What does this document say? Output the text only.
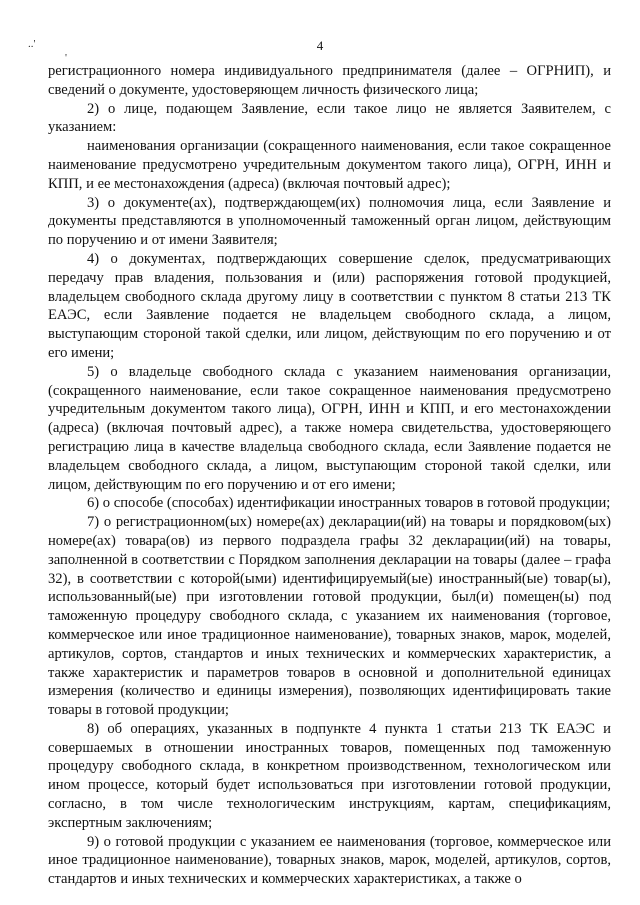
4
..'
'

регистрационного номера индивидуального предпринимателя (далее – ОГРНИП), и сведений о документе, удостоверяющем личность физического лица;

2) о лице, подающем Заявление, если такое лицо не является Заявителем, с указанием:

наименования организации (сокращенного наименования, если такое сокращенное наименование предусмотрено учредительным документом такого лица), ОГРН, ИНН и КПП, и ее местонахождения (адреса) (включая почтовый адрес);

3) о документе(ах), подтверждающем(их) полномочия лица, если Заявление и документы представляются в уполномоченный таможенный орган лицом, действующим по поручению и от имени Заявителя;

4) о документах, подтверждающих совершение сделок, предусматривающих передачу прав владения, пользования и (или) распоряжения готовой продукцией, владельцем свободного склада другому лицу в соответствии с пунктом 8 статьи 213 ТК ЕАЭС, если Заявление подается не владельцем свободного склада, а лицом, выступающим стороной такой сделки, или лицом, действующим по его поручению и от его имени;

5) о владельце свободного склада с указанием наименования организации, (сокращенного наименование, если такое сокращенное наименования предусмотрено учредительным документом такого лица), ОГРН, ИНН и КПП, и его местонахождении (адреса) (включая почтовый адрес), а также номера свидетельства, удостоверяющего регистрацию лица в качестве владельца свободного склада, если Заявление подается не владельцем свободного склада, а лицом, выступающим стороной такой сделки, или лицом, действующим по его поручению и от его имени;

6) о способе (способах) идентификации иностранных товаров в готовой продукции;

7) о регистрационном(ых) номере(ах) декларации(ий) на товары и порядковом(ых) номере(ах) товара(ов) из первого подраздела графы 32 декларации(ий) на товары, заполненной в соответствии с Порядком заполнения декларации на товары (далее – графа 32), в соответствии с которой(ыми) идентифицируемый(ые) иностранный(ые) товар(ы), использованный(ые) при изготовлении готовой продукции, был(и) помещен(ы) под таможенную процедуру свободного склада, с указанием их наименования (торговое, коммерческое или иное традиционное наименование), товарных знаков, марок, моделей, артикулов, сортов, стандартов и иных технических и коммерческих характеристик, а также характеристик и параметров товаров в основной и дополнительной единицах измерения (количество и единицы измерения), позволяющих идентифицировать такие товары в готовой продукции;

8) об операциях, указанных в подпункте 4 пункта 1 статьи 213 ТК ЕАЭС и совершаемых в отношении иностранных товаров, помещенных под таможенную процедуру свободного склада, в конкретном производственном, технологическом или ином процессе, который будет использоваться при изготовлении готовой продукции, согласно, в том числе технологическим инструкциям, картам, спецификациям, экспертным заключениям;

9) о готовой продукции с указанием ее наименования (торговое, коммерческое или иное традиционное наименование), товарных знаков, марок, моделей, артикулов, сортов, стандартов и иных технических и коммерческих характеристиках, а также о
